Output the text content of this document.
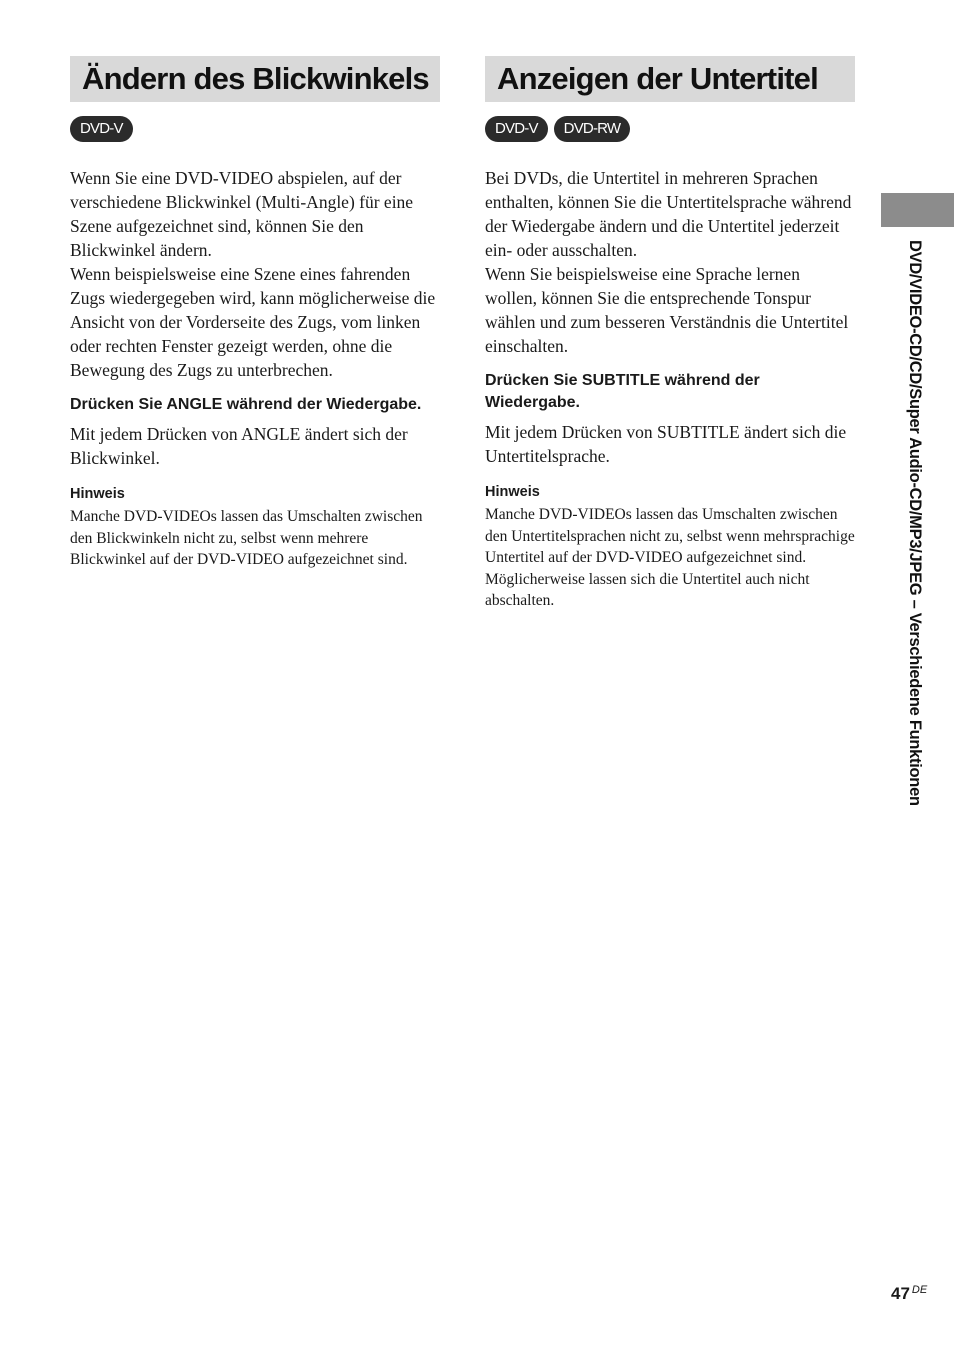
Ändern des Blickwinkels
DVD-V

Wenn Sie eine DVD-VIDEO abspielen, auf der verschiedene Blickwinkel (Multi-Angle) für eine Szene aufgezeichnet sind, können Sie den Blickwinkel ändern.

Wenn beispielsweise eine Szene eines fahrenden Zugs wiedergegeben wird, kann möglicherweise die Ansicht von der Vorderseite des Zugs, vom linken oder rechten Fenster gezeigt werden, ohne die Bewegung des Zugs zu unterbrechen.

Drücken Sie ANGLE während der Wiedergabe.
Mit jedem Drücken von ANGLE ändert sich der Blickwinkel.
Hinweis
Manche DVD-VIDEOs lassen das Umschalten zwischen den Blickwinkeln nicht zu, selbst wenn mehrere Blickwinkel auf der DVD-VIDEO aufgezeichnet sind.
Anzeigen der Untertitel
DVD-V	DVD-RW

Bei DVDs, die Untertitel in mehreren Sprachen enthalten, können Sie die Untertitelsprache während der Wiedergabe ändern und die Untertitel jederzeit ein- oder ausschalten.

Wenn Sie beispielsweise eine Sprache lernen wollen, können Sie die entsprechende Tonspur wählen und zum besseren Verständnis die Untertitel einschalten.

Drücken Sie SUBTITLE während der Wiedergabe.
Mit jedem Drücken von SUBTITLE ändert sich die Untertitelsprache.
Hinweis
Manche DVD-VIDEOs lassen das Umschalten zwischen den Untertitelsprachen nicht zu, selbst wenn mehrsprachige Untertitel auf der DVD-VIDEO aufgezeichnet sind. Möglicherweise lassen sich die Untertitel auch nicht abschalten.	DVD/VIDEO-CD/CD/Super Audio-CD/MP3/JPEG – Verschiedene Funktionen
47 $^{DE}$
